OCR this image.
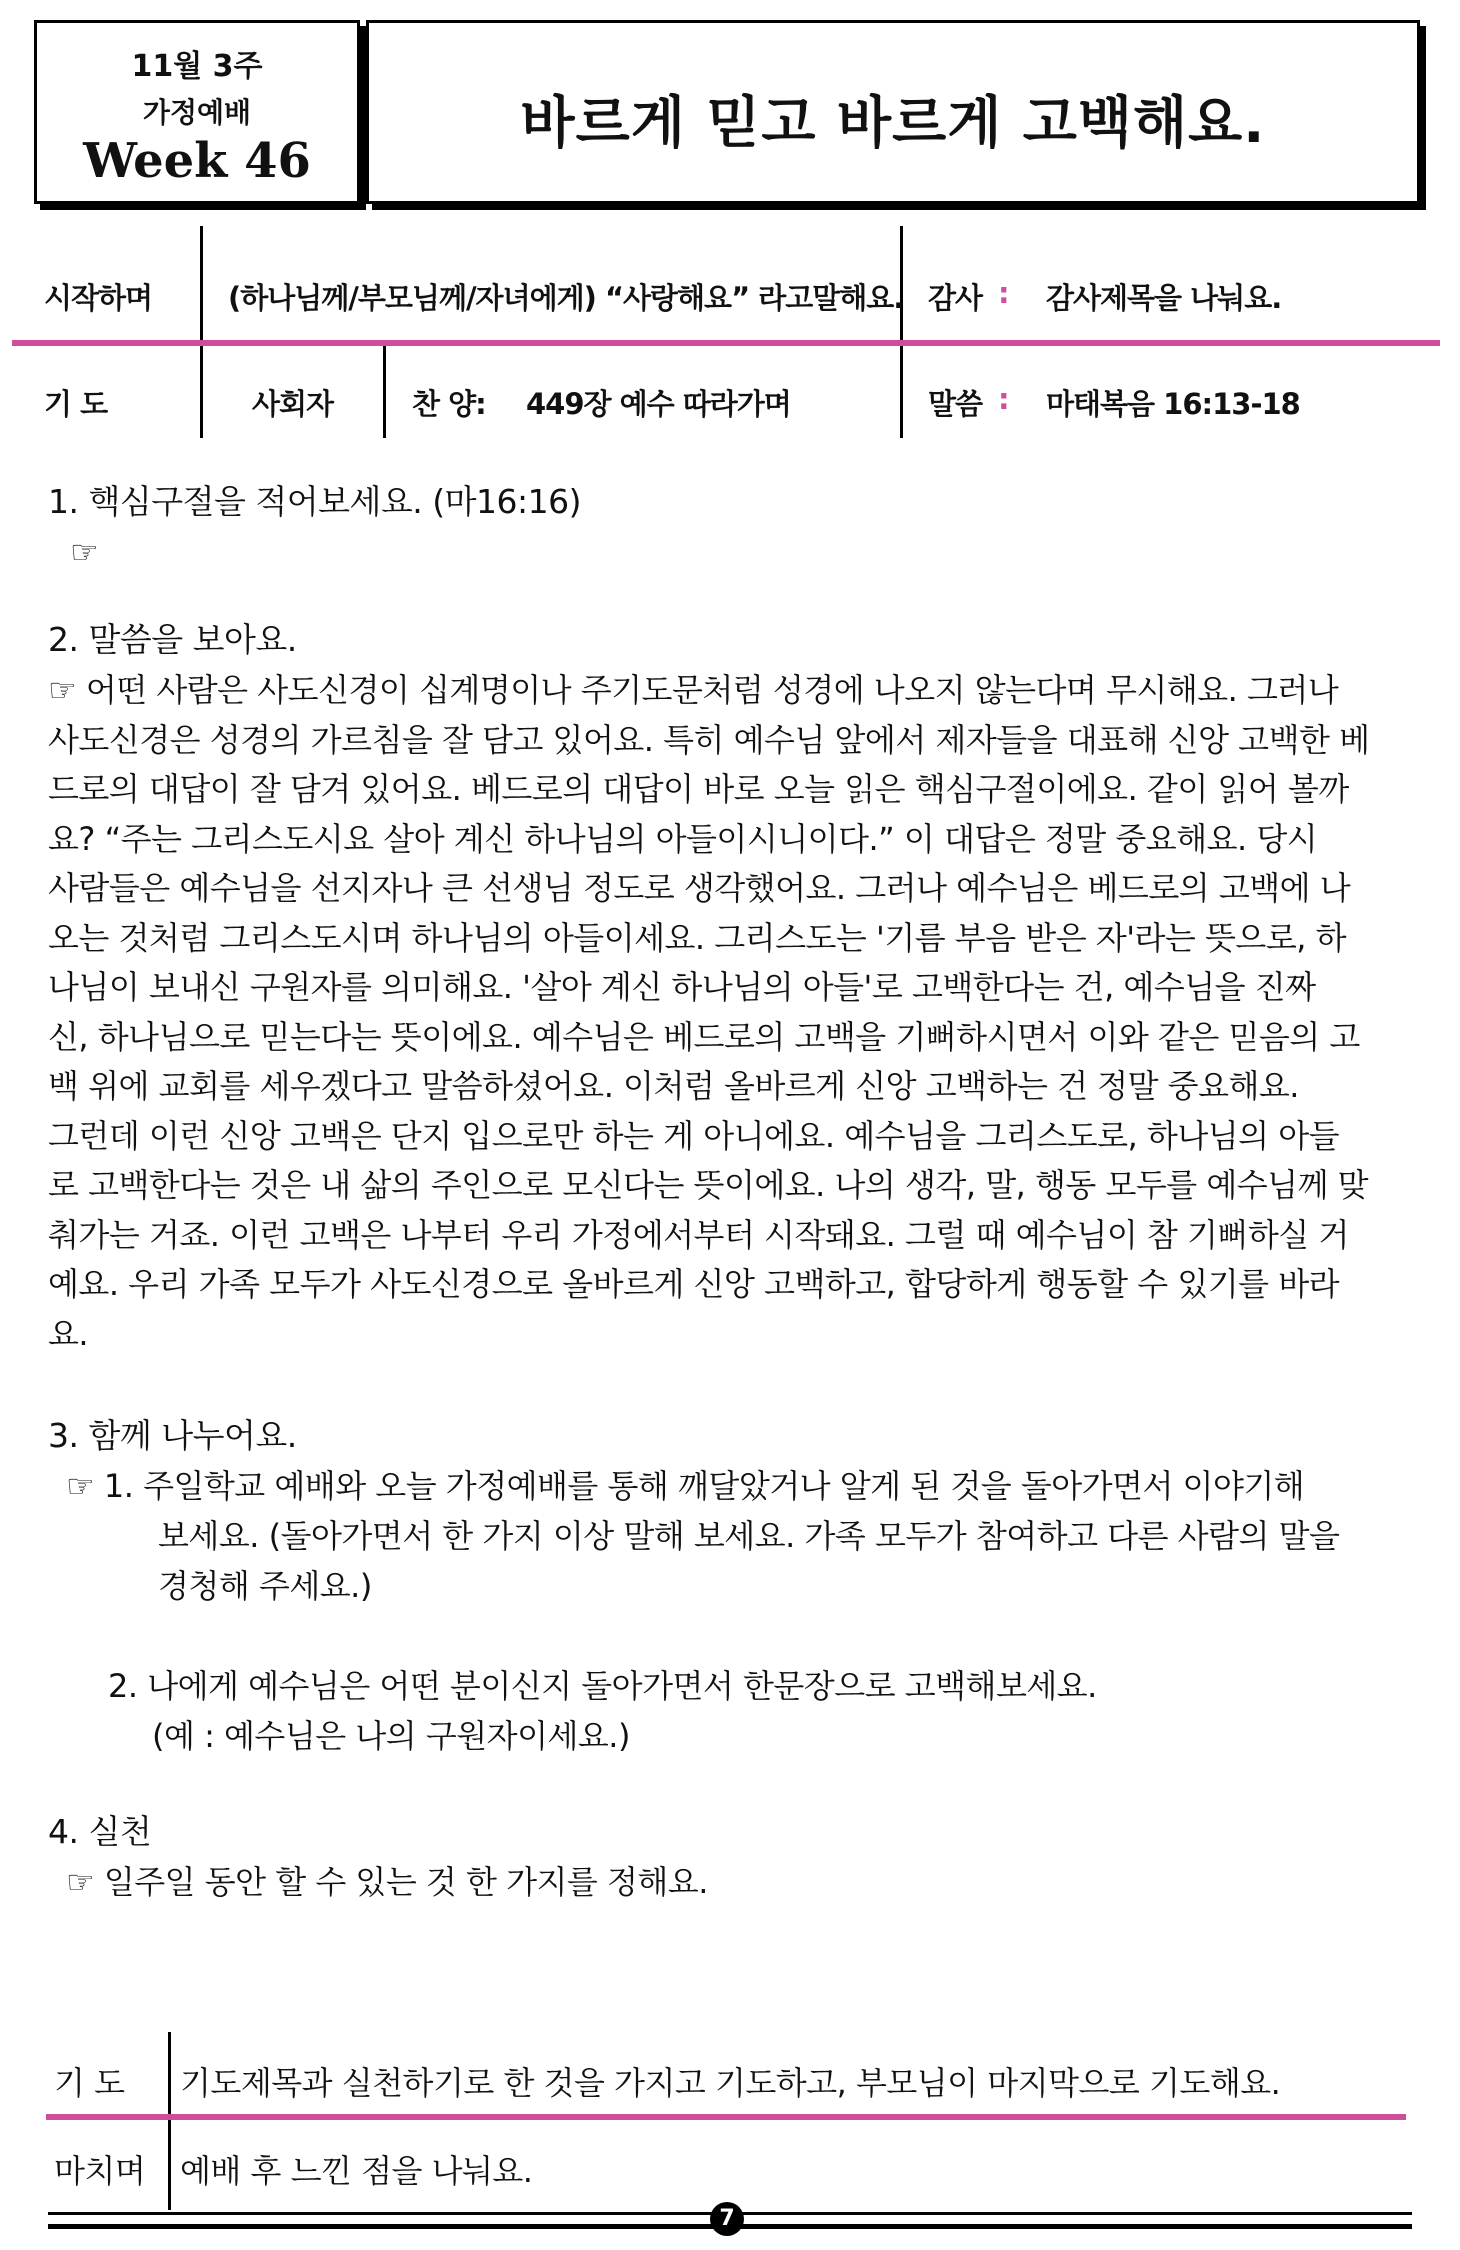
11월 3주
가정예배
Week 46
바르게 믿고 바르게 고백해요.
시작하며	(하나님께/부모님께/자녀에게) “사랑해요” 라고말해요. 감사 : 감사제목을 나눠요.
기 도	사회자	찬 양: 449장 예수 따라가며	말씀 : 마태복음 16:13-18
1. 핵심구절을 적어보세요. (마16:16)
☞
2. 말씀을 보아요.
☞ 어떤 사람은 사도신경이 십계명이나 주기도문처럼 성경에 나오지 않는다며 무시해요. 그러나
사도신경은 성경의 가르침을 잘 담고 있어요. 특히 예수님 앞에서 제자들을 대표해 신앙 고백한 베
드로의 대답이 잘 담겨 있어요. 베드로의 대답이 바로 오늘 읽은 핵심구절이에요. 같이 읽어 볼까
요? “주는 그리스도시요 살아 계신 하나님의 아들이시니이다.” 이 대답은 정말 중요해요. 당시
사람들은 예수님을 선지자나 큰 선생님 정도로 생각했어요. 그러나 예수님은 베드로의 고백에 나
오는 것처럼 그리스도시며 하나님의 아들이세요. 그리스도는 '기름 부음 받은 자'라는 뜻으로, 하
나님이 보내신 구원자를 의미해요. '살아 계신 하나님의 아들'로 고백한다는 건, 예수님을 진짜
신, 하나님으로 믿는다는 뜻이에요. 예수님은 베드로의 고백을 기뻐하시면서 이와 같은 믿음의 고
백 위에 교회를 세우겠다고 말씀하셨어요. 이처럼 올바르게 신앙 고백하는 건 정말 중요해요.
그런데 이런 신앙 고백은 단지 입으로만 하는 게 아니에요. 예수님을 그리스도로, 하나님의 아들
로 고백한다는 것은 내 삶의 주인으로 모신다는 뜻이에요. 나의 생각, 말, 행동 모두를 예수님께 맞
춰가는 거죠. 이런 고백은 나부터 우리 가정에서부터 시작돼요. 그럴 때 예수님이 참 기뻐하실 거
예요. 우리 가족 모두가 사도신경으로 올바르게 신앙 고백하고, 합당하게 행동할 수 있기를 바라
요.
3. 함께 나누어요.
☞ 1. 주일학교 예배와 오늘 가정예배를 통해 깨달았거나 알게 된 것을 돌아가면서 이야기해
보세요. (돌아가면서 한 가지 이상 말해 보세요. 가족 모두가 참여하고 다른 사람의 말을
경청해 주세요.)
2. 나에게 예수님은 어떤 분이신지 돌아가면서 한문장으로 고백해보세요.
(예 : 예수님은 나의 구원자이세요.)
4. 실천
☞ 일주일 동안 할 수 있는 것 한 가지를 정해요.
기 도 기도제목과 실천하기로 한 것을 가지고 기도하고, 부모님이 마지막으로 기도해요.
마치며 예배 후 느낀 점을 나눠요.
7
